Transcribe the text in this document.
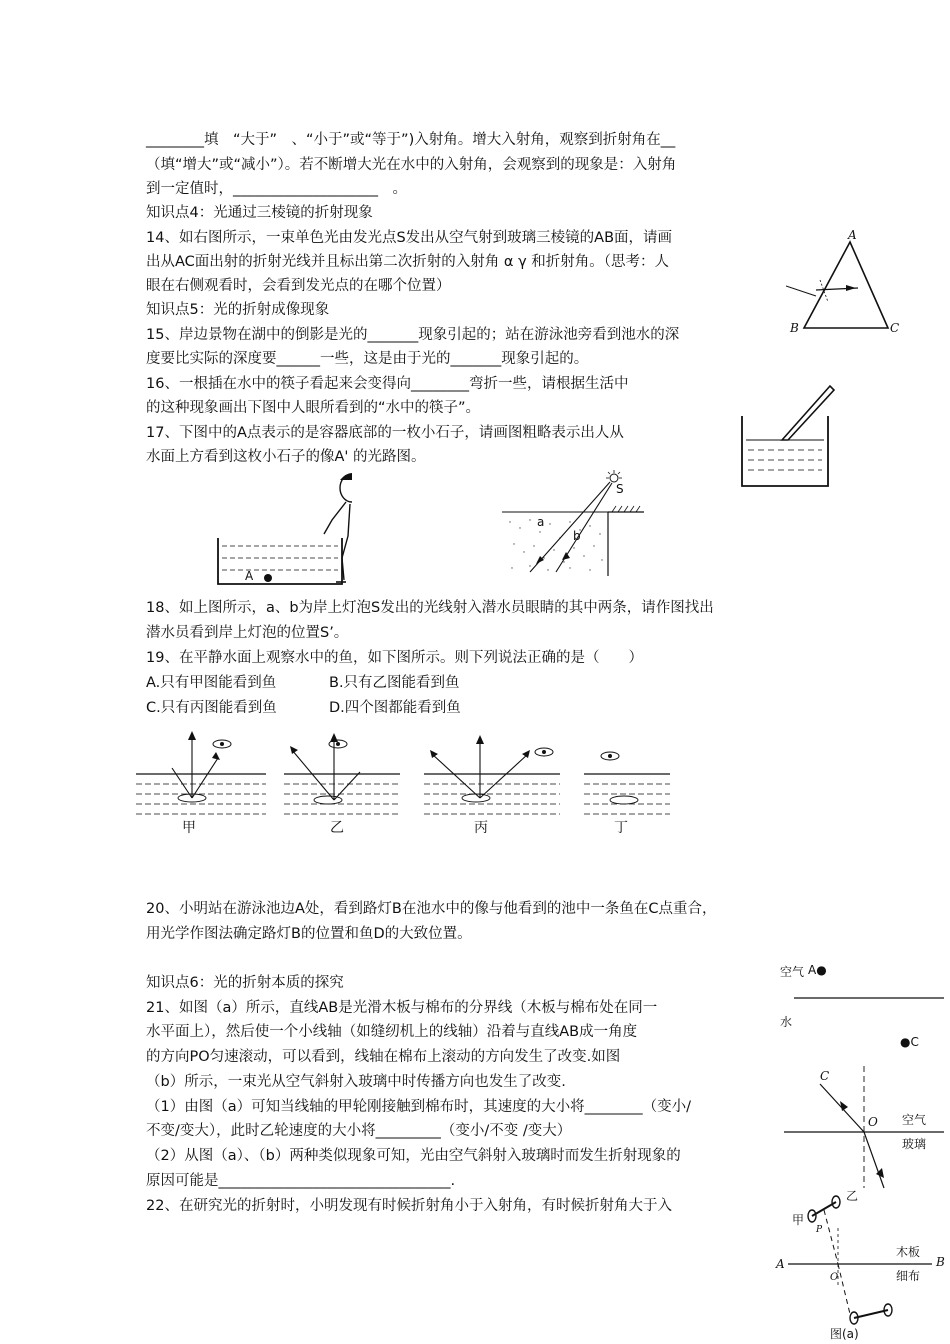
________填　“大于”　、“小于”或“等于”)入射角。增大入射角，观察到折射角在__
（填“增大”或“减小”）。若不断增大光在水中的入射角，会观察到的现象是：入射角
到一定值时，____________________　。
知识点4：光通过三棱镜的折射现象
14、如右图所示，一束单色光由发光点S发出从空气射到玻璃三棱镜的AB面，请画
出从AC面出射的折射光线并且标出第二次折射的入射角 α γ 和折射角。（思考：人
眼在右侧观看时，会看到发光点的在哪个位置）
知识点5：光的折射成像现象
15、岸边景物在湖中的倒影是光的_______现象引起的；站在游泳池旁看到池水的深
度要比实际的深度要______一些，这是由于光的_______现象引起的。
16、一根插在水中的筷子看起来会变得向________弯折一些，请根据生活中
的这种现象画出下图中人眼所看到的“水中的筷子”。
17、下图中的A点表示的是容器底部的一枚小石子，请画图粗略表示出人从
水面上方看到这枚小石子的像A' 的光路图。
18、如上图所示，a、b为岸上灯泡S发出的光线射入潜水员眼睛的其中两条，请作图找出
潜水员看到岸上灯泡的位置S’。
19、在平静水面上观察水中的鱼，如下图所示。则下列说法正确的是（　　）
A.只有甲图能看到鱼	B.只有乙图能看到鱼
C.只有丙图能看到鱼	D.四个图都能看到鱼
20、小明站在游泳池边A处，看到路灯B在池水中的像与他看到的池中一条鱼在C点重合，
用光学作图法确定路灯B的位置和鱼D的大致位置。
知识点6：光的折射本质的探究
21、如图（a）所示，直线AB是光滑木板与棉布的分界线（木板与棉布处在同一
水平面上），然后使一个小线轴（如缝纫机上的线轴）沿着与直线AB成一角度
的方向PO匀速滚动，可以看到，线轴在棉布上滚动的方向发生了改变.如图
（b）所示，一束光从空气斜射入玻璃中时传播方向也发生了改变.
（1）由图（a）可知当线轴的甲轮刚接触到棉布时，其速度的大小将________（变小/
不变/变大），此时乙轮速度的大小将_________（变小/不变 /变大）
（2）从图（a）、（b）两种类似现象可知，光由空气斜射入玻璃时而发生折射现象的
原因可能是________________________________.
22、在研究光的折射时，小明发现有时候折射角小于入射角，有时候折射角大于入
A
B	C
A
S
a
b
甲	乙	丙	丁
空气 A●
水
●C
C
O 空气
玻璃
乙
甲
P
A	B
O
木板
细布
图(a)
